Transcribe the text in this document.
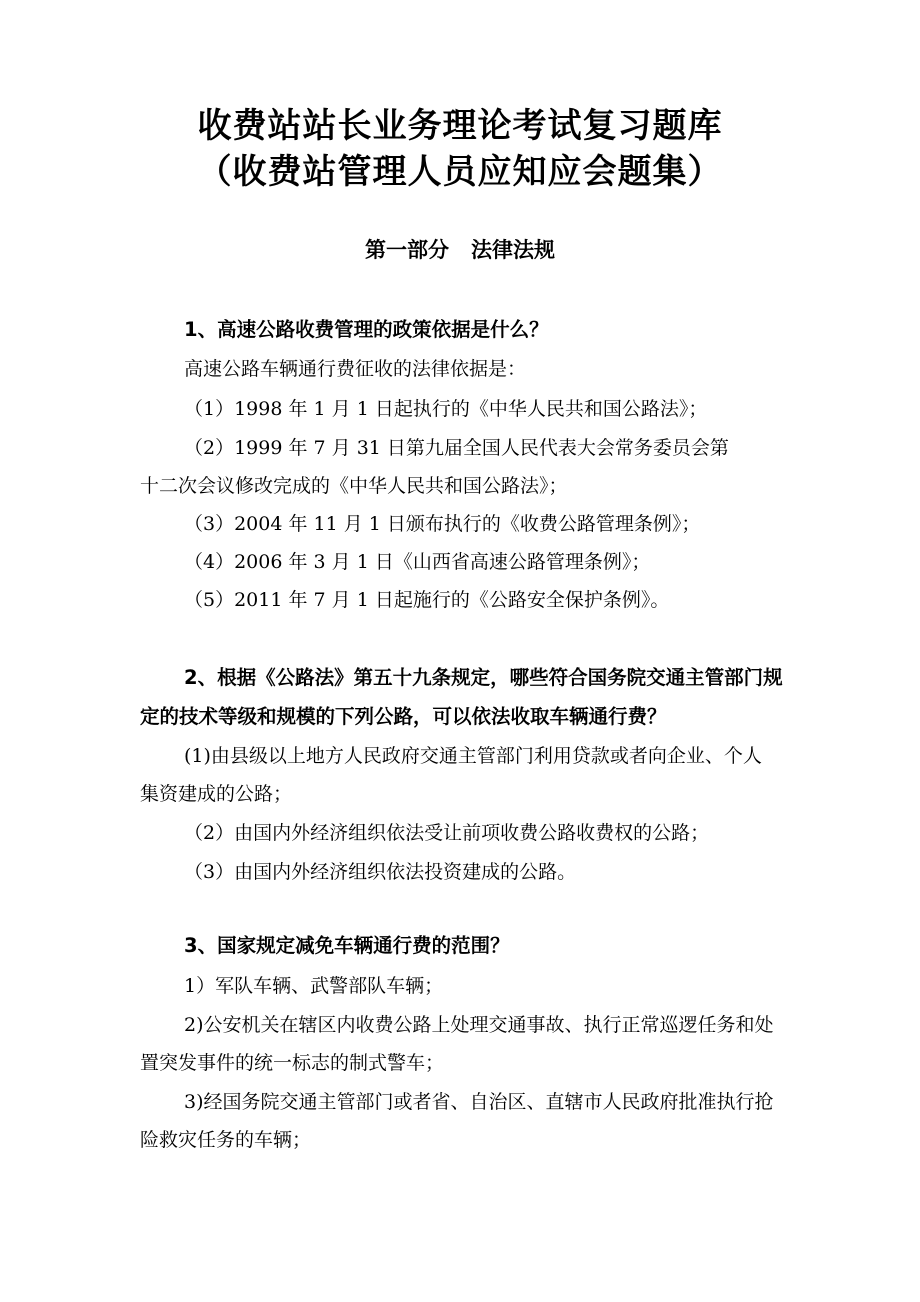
收费站站长业务理论考试复习题库
（收费站管理人员应知应会题集）
第一部分   法律法规
1、高速公路收费管理的政策依据是什么？
高速公路车辆通行费征收的法律依据是：
（1）1998 年 1 月 1 日起执行的《中华人民共和国公路法》；
（2）1999 年 7 月 31 日第九届全国人民代表大会常务委员会第
十二次会议修改完成的《中华人民共和国公路法》；
（3）2004 年 11 月 1 日颁布执行的《收费公路管理条例》；
（4）2006 年 3 月 1 日《山西省高速公路管理条例》；
（5）2011 年 7 月 1 日起施行的《公路安全保护条例》。
2、根据《公路法》第五十九条规定，哪些符合国务院交通主管部门规
定的技术等级和规模的下列公路，可以依法收取车辆通行费？
(1)由县级以上地方人民政府交通主管部门利用贷款或者向企业、个人
集资建成的公路；
（2）由国内外经济组织依法受让前项收费公路收费权的公路；
（3）由国内外经济组织依法投资建成的公路。
3、国家规定减免车辆通行费的范围？
1）军队车辆、武警部队车辆；
2)公安机关在辖区内收费公路上处理交通事故、执行正常巡逻任务和处
置突发事件的统一标志的制式警车；
3)经国务院交通主管部门或者省、自治区、直辖市人民政府批准执行抢
险救灾任务的车辆；
